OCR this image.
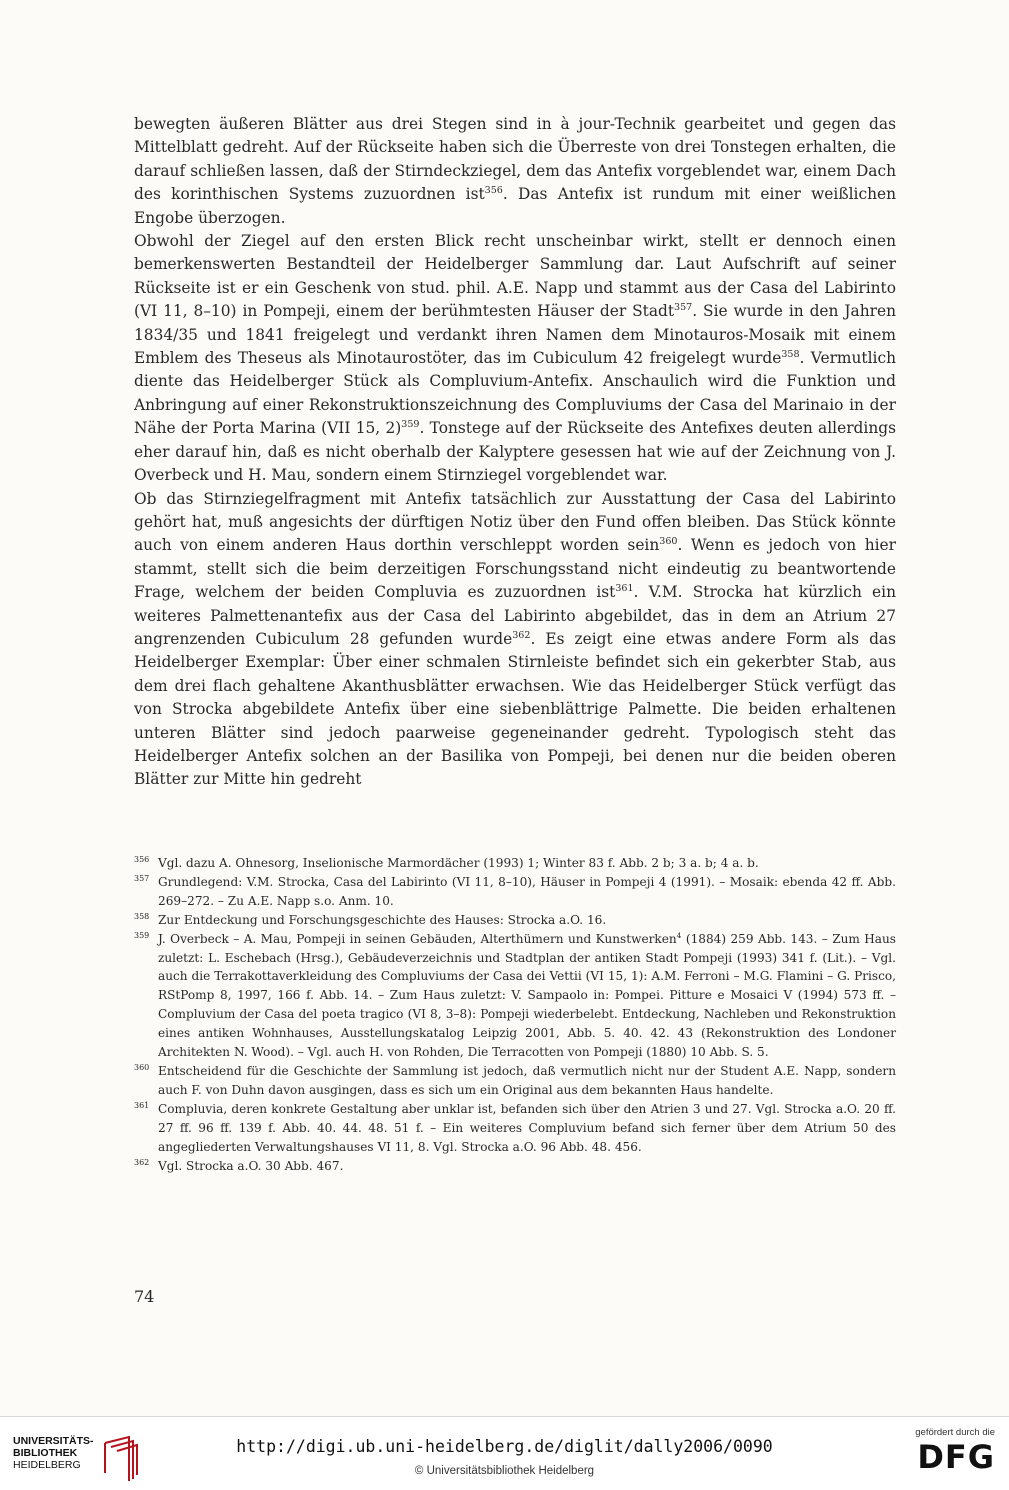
bewegten äußeren Blätter aus drei Stegen sind in à jour-Technik gearbeitet und gegen das Mittelblatt gedreht. Auf der Rückseite haben sich die Überreste von drei Tonstegen erhalten, die darauf schließen lassen, daß der Stirndeckziegel, dem das Antefix vorgeblendet war, einem Dach des korinthischen Systems zuzuordnen ist$^{356}$. Das Antefix ist rundum mit einer weißlichen Engobe überzogen.

Obwohl der Ziegel auf den ersten Blick recht unscheinbar wirkt, stellt er dennoch einen bemerkenswerten Bestandteil der Heidelberger Sammlung dar. Laut Aufschrift auf seiner Rückseite ist er ein Geschenk von stud. phil. A.E. Napp und stammt aus der Casa del Labirinto (VI 11, 8–10) in Pompeji, einem der berühmtesten Häuser der Stadt$^{357}$. Sie wurde in den Jahren 1834/35 und 1841 freigelegt und verdankt ihren Namen dem Minotauros-Mosaik mit einem Emblem des Theseus als Minotaurostöter, das im Cubiculum 42 freigelegt wurde$^{358}$. Vermutlich diente das Heidelberger Stück als Compluvium-Antefix. Anschaulich wird die Funktion und Anbringung auf einer Rekonstruktionszeichnung des Compluviums der Casa del Marinaio in der Nähe der Porta Marina (VII 15, 2)$^{359}$. Tonstege auf der Rückseite des Antefixes deuten allerdings eher darauf hin, daß es nicht oberhalb der Kalyptere gesessen hat wie auf der Zeichnung von J. Overbeck und H. Mau, sondern einem Stirnziegel vorgeblendet war.

Ob das Stirnziegelfragment mit Antefix tatsächlich zur Ausstattung der Casa del Labirinto gehört hat, muß angesichts der dürftigen Notiz über den Fund offen bleiben. Das Stück könnte auch von einem anderen Haus dorthin verschleppt worden sein$^{360}$. Wenn es jedoch von hier stammt, stellt sich die beim derzeitigen Forschungsstand nicht eindeutig zu beantwortende Frage, welchem der beiden Compluvia es zuzuordnen ist$^{361}$. V.M. Strocka hat kürzlich ein weiteres Palmettenantefix aus der Casa del Labirinto abgebildet, das in dem an Atrium 27 angrenzenden Cubiculum 28 gefunden wurde$^{362}$. Es zeigt eine etwas andere Form als das Heidelberger Exemplar: Über einer schmalen Stirnleiste befindet sich ein gekerbter Stab, aus dem drei flach gehaltene Akanthusblätter erwachsen. Wie das Heidelberger Stück verfügt das von Strocka abgebildete Antefix über eine siebenblättrige Palmette. Die beiden erhaltenen unteren Blätter sind jedoch paarweise gegeneinander gedreht. Typologisch steht das Heidelberger Antefix solchen an der Basilika von Pompeji, bei denen nur die beiden oberen Blätter zur Mitte hin gedreht

356 Vgl. dazu A. Ohnesorg, Inselionische Marmordächer (1993) 1; Winter 83 f. Abb. 2 b; 3 a. b; 4 a. b.

357 Grundlegend: V.M. Strocka, Casa del Labirinto (VI 11, 8–10), Häuser in Pompeji 4 (1991). – Mosaik: ebenda 42 ff. Abb. 269–272. – Zu A.E. Napp s.o. Anm. 10.

358 Zur Entdeckung und Forschungsgeschichte des Hauses: Strocka a.O. 16.

359 J. Overbeck – A. Mau, Pompeji in seinen Gebäuden, Alterthümern und Kunstwerken$^4$ (1884) 259 Abb. 143. – Zum Haus zuletzt: L. Eschebach (Hrsg.), Gebäudeverzeichnis und Stadtplan der antiken Stadt Pompeji (1993) 341 f. (Lit.). – Vgl. auch die Terrakottaverkleidung des Compluviums der Casa dei Vettii (VI 15, 1): A.M. Ferroni – M.G. Flamini – G. Prisco, RStPomp 8, 1997, 166 f. Abb. 14. – Zum Haus zuletzt: V. Sampaolo in: Pompei. Pitture e Mosaici V (1994) 573 ff. – Compluvium der Casa del poeta tragico (VI 8, 3–8): Pompeji wiederbelebt. Entdeckung, Nachleben und Rekonstruktion eines antiken Wohnhauses, Ausstellungskatalog Leipzig 2001, Abb. 5. 40. 42. 43 (Rekonstruktion des Londoner Architekten N. Wood). – Vgl. auch H. von Rohden, Die Terracotten von Pompeji (1880) 10 Abb. S. 5.

360 Entscheidend für die Geschichte der Sammlung ist jedoch, daß vermutlich nicht nur der Student A.E. Napp, sondern auch F. von Duhn davon ausgingen, dass es sich um ein Original aus dem bekannten Haus handelte.

361 Compluvia, deren konkrete Gestaltung aber unklar ist, befanden sich über den Atrien 3 und 27. Vgl. Strocka a.O. 20 ff. 27 ff. 96 ff. 139 f. Abb. 40. 44. 48. 51 f. – Ein weiteres Compluvium befand sich ferner über dem Atrium 50 des angegliederten Verwaltungshauses VI 11, 8. Vgl. Strocka a.O. 96 Abb. 48. 456.

362 Vgl. Strocka a.O. 30 Abb. 467.

74
UNIVERSITÄTS-
BIBLIOTHEK
HEIDELBERG
http://digi.ub.uni-heidelberg.de/diglit/dally2006/0090
© Universitätsbibliothek Heidelberg
gefördert durch die
DFG
